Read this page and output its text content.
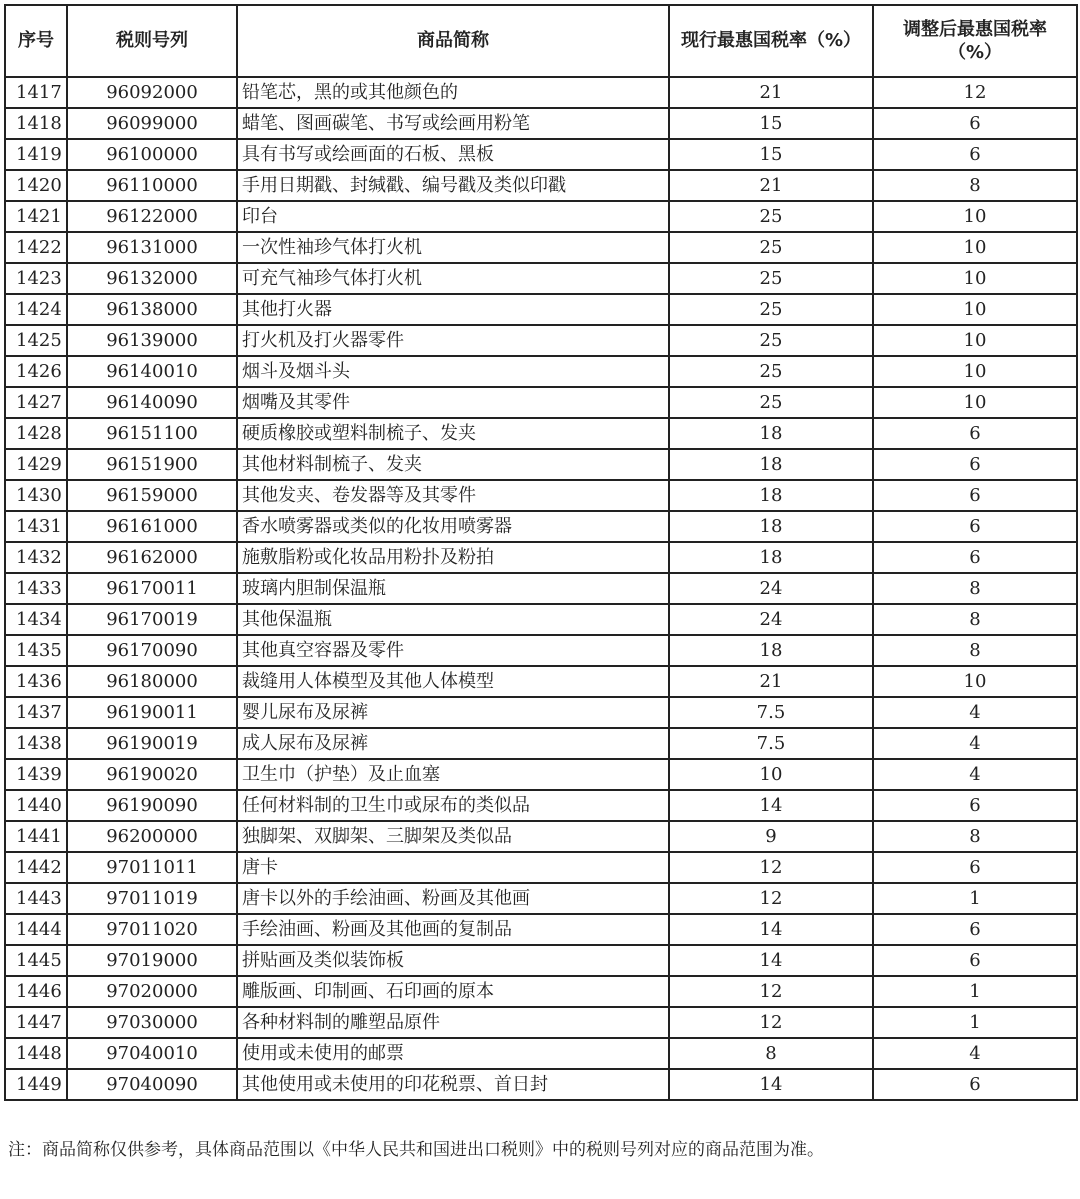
序号	税则号列	商品简称	现行最惠国税率（%）	调整后最惠国税率（%）
1417	96092000	铅笔芯，黑的或其他颜色的	21	12
1418	96099000	蜡笔、图画碳笔、书写或绘画用粉笔	15	6
1419	96100000	具有书写或绘画面的石板、黑板	15	6
1420	96110000	手用日期戳、封缄戳、编号戳及类似印戳	21	8
1421	96122000	印台	25	10
1422	96131000	一次性袖珍气体打火机	25	10
1423	96132000	可充气袖珍气体打火机	25	10
1424	96138000	其他打火器	25	10
1425	96139000	打火机及打火器零件	25	10
1426	96140010	烟斗及烟斗头	25	10
1427	96140090	烟嘴及其零件	25	10
1428	96151100	硬质橡胶或塑料制梳子、发夹	18	6
1429	96151900	其他材料制梳子、发夹	18	6
1430	96159000	其他发夹、卷发器等及其零件	18	6
1431	96161000	香水喷雾器或类似的化妆用喷雾器	18	6
1432	96162000	施敷脂粉或化妆品用粉扑及粉拍	18	6
1433	96170011	玻璃内胆制保温瓶	24	8
1434	96170019	其他保温瓶	24	8
1435	96170090	其他真空容器及零件	18	8
1436	96180000	裁缝用人体模型及其他人体模型	21	10
1437	96190011	婴儿尿布及尿裤	7.5	4
1438	96190019	成人尿布及尿裤	7.5	4
1439	96190020	卫生巾（护垫）及止血塞	10	4
1440	96190090	任何材料制的卫生巾或尿布的类似品	14	6
1441	96200000	独脚架、双脚架、三脚架及类似品	9	8
1442	97011011	唐卡	12	6
1443	97011019	唐卡以外的手绘油画、粉画及其他画	12	1
1444	97011020	手绘油画、粉画及其他画的复制品	14	6
1445	97019000	拼贴画及类似装饰板	14	6
1446	97020000	雕版画、印制画、石印画的原本	12	1
1447	97030000	各种材料制的雕塑品原件	12	1
1448	97040010	使用或未使用的邮票	8	4
1449	97040090	其他使用或未使用的印花税票、首日封	14	6
注：商品简称仅供参考，具体商品范围以《中华人民共和国进出口税则》中的税则号列对应的商品范围为准。
